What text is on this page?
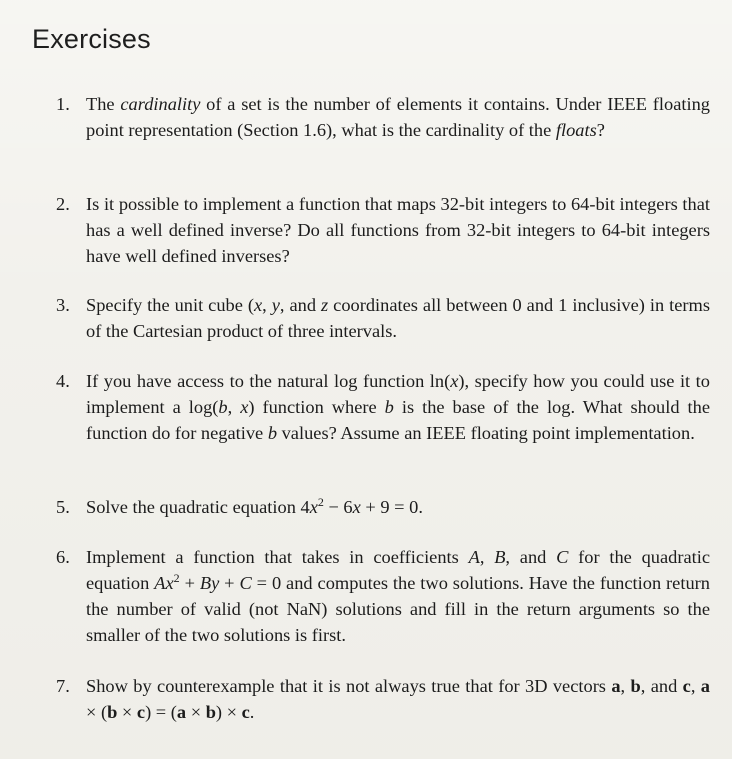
Exercises
1. The cardinality of a set is the number of elements it contains. Under IEEE floating point representation (Section 1.6), what is the cardinality of the floats?
2. Is it possible to implement a function that maps 32-bit integers to 64-bit integers that has a well defined inverse? Do all functions from 32-bit integers to 64-bit integers have well defined inverses?
3. Specify the unit cube (x, y, and z coordinates all between 0 and 1 inclusive) in terms of the Cartesian product of three intervals.
4. If you have access to the natural log function ln(x), specify how you could use it to implement a log(b, x) function where b is the base of the log. What should the function do for negative b values? Assume an IEEE floating point implementation.
5. Solve the quadratic equation $4x^2 - 6x + 9 = 0$.
6. Implement a function that takes in coefficients A, B, and C for the quadratic equation $Ax^2 + By + C = 0$ and computes the two solutions. Have the function return the number of valid (not NaN) solutions and fill in the return arguments so the smaller of the two solutions is first.
7. Show by counterexample that it is not always true that for 3D vectors a, b, and c, a × (b × c) = (a × b) × c.
